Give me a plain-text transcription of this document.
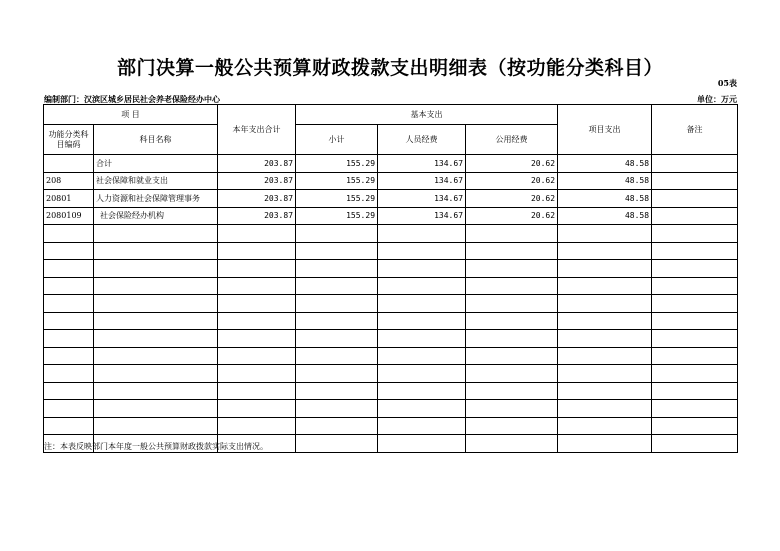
部门决算一般公共预算财政拨款支出明细表（按功能分类科目）
05表
编制部门：汉滨区城乡居民社会养老保险经办中心	单位：万元
项 目		本年支出合计	基本支出			项目支出	备注
功能分类科目编码	科目名称		小计	人员经费	公用经费		
	合计	203.87	155.29	134.67	20.62	48.58	
208	社会保障和就业支出	203.87	155.29	134.67	20.62	48.58	
20801	人力资源和社会保障管理事务	203.87	155.29	134.67	20.62	48.58	
2080109	社会保险经办机构	203.87	155.29	134.67	20.62	48.58	

注：本表反映部门本年度一般公共预算财政拨款实际支出情况。
